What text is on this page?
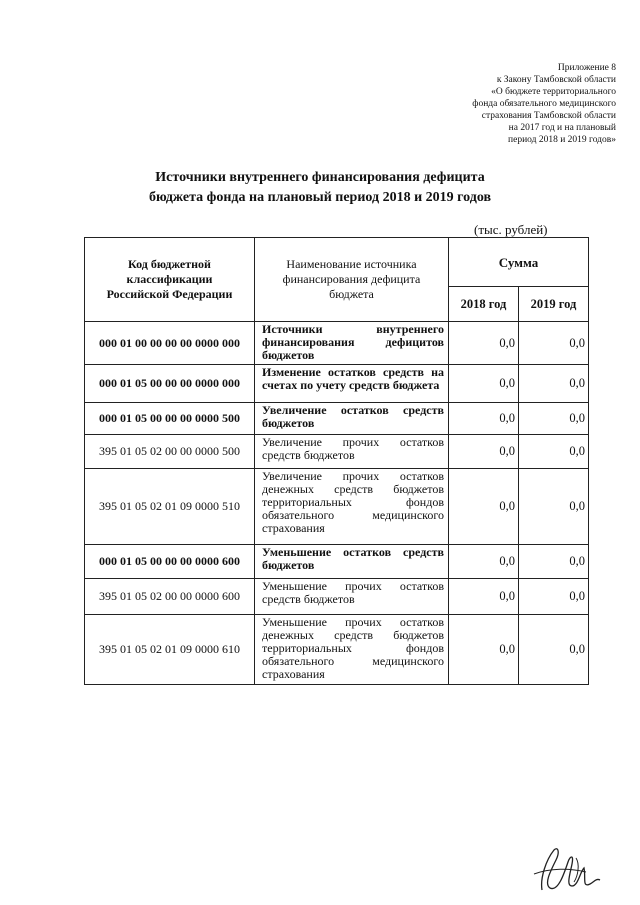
Приложение 8
к Закону Тамбовской области
«О бюджете территориального
фонда обязательного медицинского
страхования Тамбовской области
на 2017 год и на плановый
период 2018 и 2019 годов»
Источники внутреннего финансирования дефицита
бюджета фонда на плановый период 2018 и 2019 годов
(тыс. рублей)
Код бюджетной классификации Российской Федерации	Наименование источника финансирования дефицита бюджета	Сумма	
		2018 год	2019 год
000 01 00 00 00 00 0000 000	Источники внутреннего финансирования дефицитов бюджетов	0,0	0,0
000 01 05 00 00 00 0000 000	Изменение остатков средств на счетах по учету средств бюджета	0,0	0,0
000 01 05 00 00 00 0000 500	Увеличение остатков средств бюджетов	0,0	0,0
395 01 05 02 00 00 0000 500	Увеличение прочих остатков средств бюджетов	0,0	0,0
395 01 05 02 01 09 0000 510	Увеличение прочих остатков денежных средств бюджетов территориальных фондов обязательного медицинского страхования	0,0	0,0
000 01 05 00 00 00 0000 600	Уменьшение остатков средств бюджетов	0,0	0,0
395 01 05 02 00 00 0000 600	Уменьшение прочих остатков средств бюджетов	0,0	0,0
395 01 05 02 01 09 0000 610	Уменьшение прочих остатков денежных средств бюджетов территориальных фондов обязательного медицинского страхования	0,0	0,0
